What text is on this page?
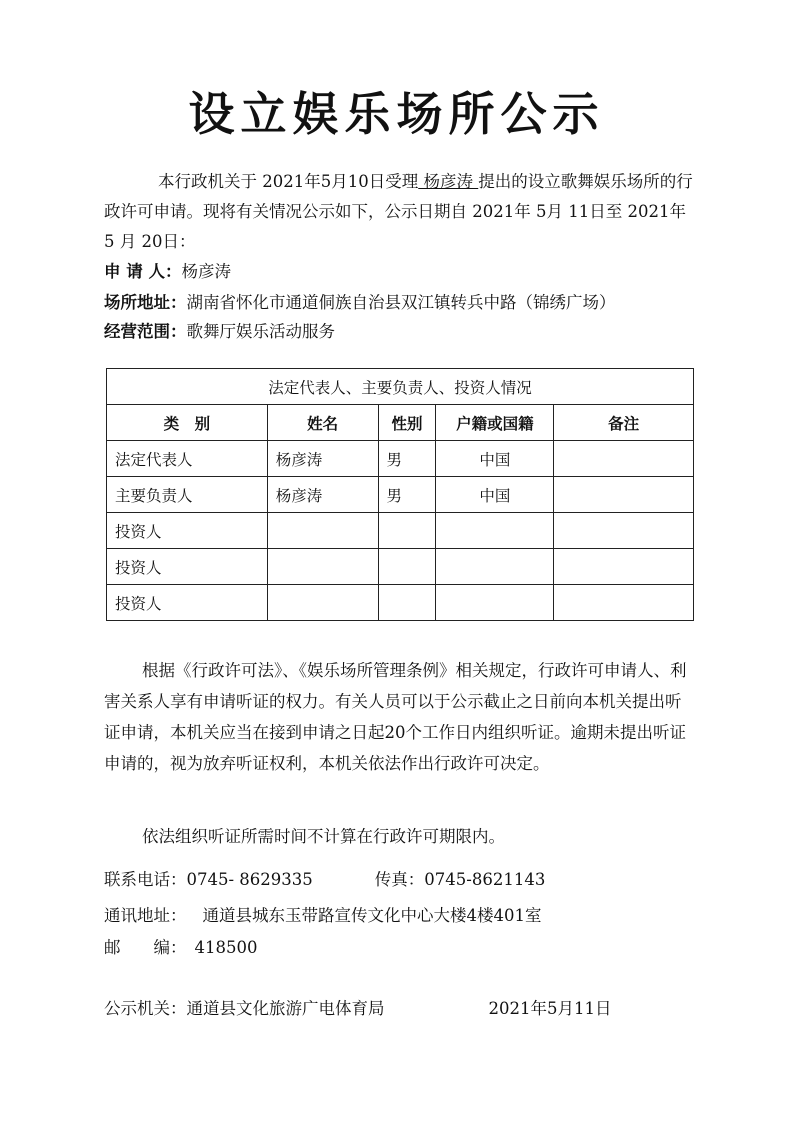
设立娱乐场所公示
本行政机关于 2021年5月10日受理 杨彦涛 提出的设立歌舞娱乐场所的行政许可申请。现将有关情况公示如下，公示日期自 2021年 5月 11日至 2021年 5 月 20日：
申 请 人：杨彦涛
场所地址：湖南省怀化市通道侗族自治县双江镇转兵中路（锦绣广场）
经营范围：歌舞厅娱乐活动服务
法定代表人、主要负责人、投资人情况				
类　别	姓名	性别	户籍或国籍	备注
法定代表人	杨彦涛	男	中国	
主要负责人	杨彦涛	男	中国	
投资人				
投资人				
投资人				
根据《行政许可法》、《娱乐场所管理条例》相关规定，行政许可申请人、利害关系人享有申请听证的权力。有关人员可以于公示截止之日前向本机关提出听证申请，本机关应当在接到申请之日起20个工作日内组织听证。逾期未提出听证申请的，视为放弃听证权利，本机关依法作出行政许可决定。
依法组织听证所需时间不计算在行政许可期限内。
联系电话：0745- 8629335	传真：0745-8621143
通讯地址： 通道县城东玉带路宣传文化中心大楼4楼401室
邮　　编： 418500
公示机关：通道县文化旅游广电体育局	2021年5月11日
